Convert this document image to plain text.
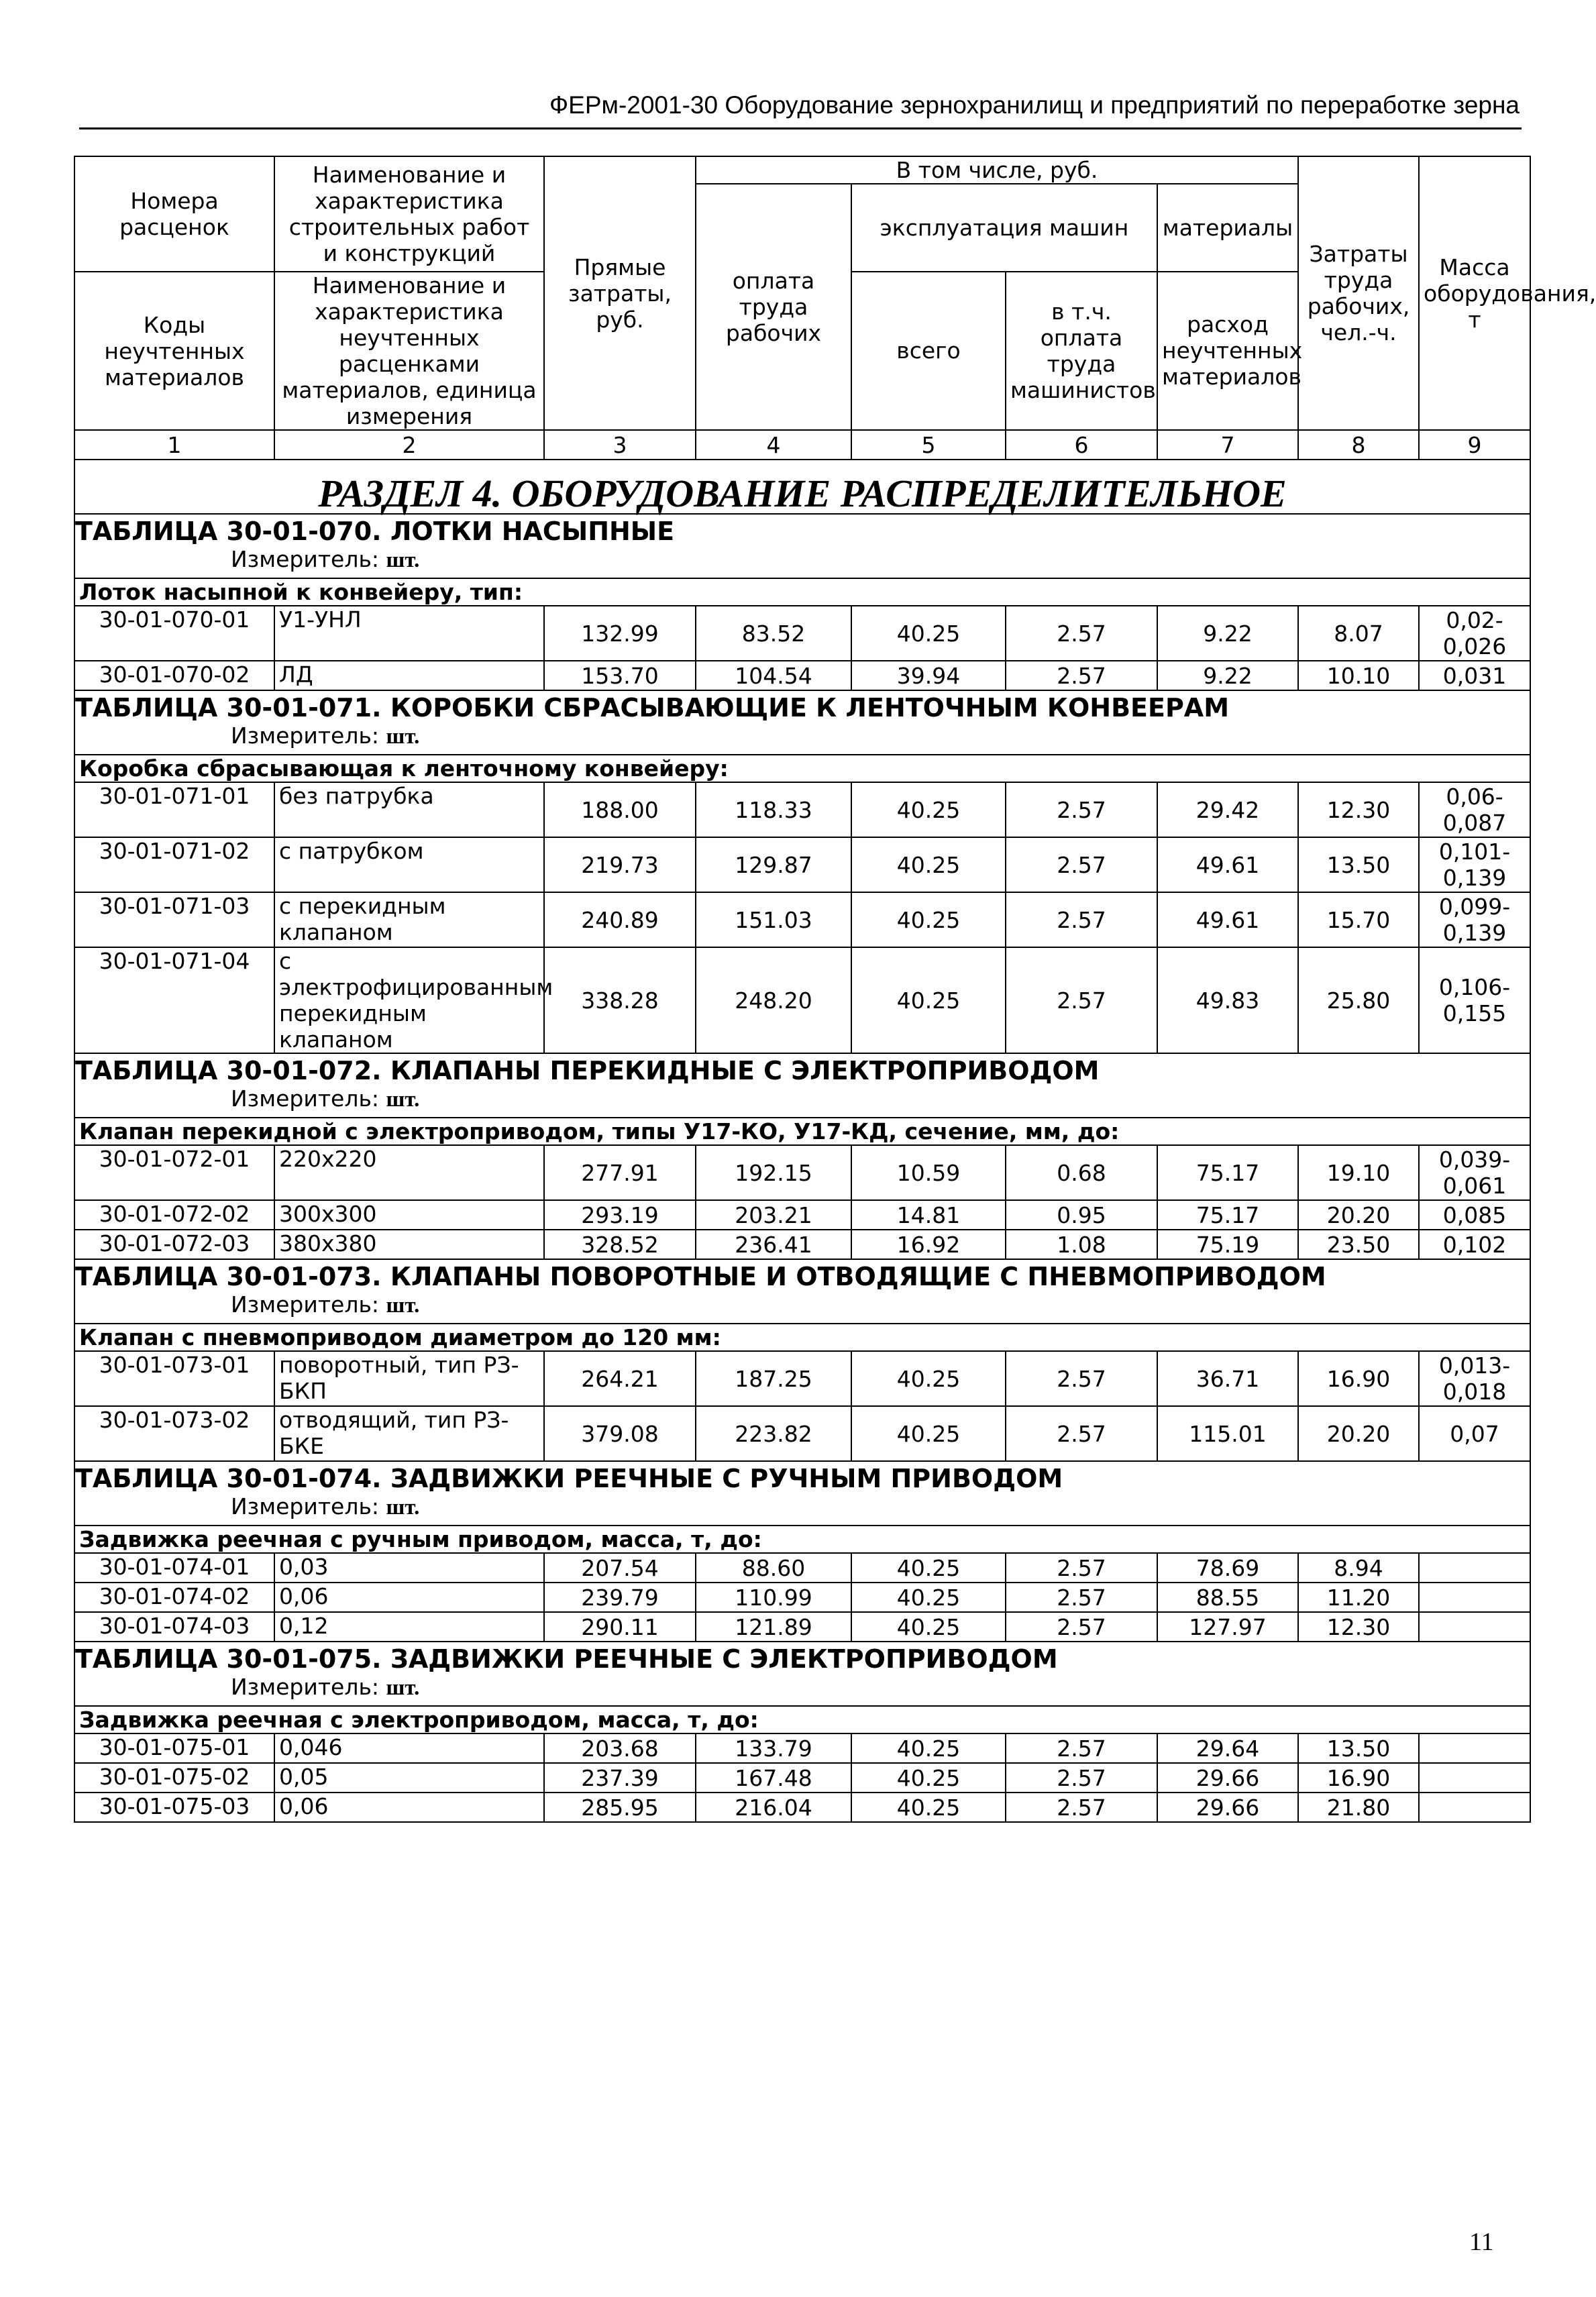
ФЕРм-2001-30 Оборудование зернохранилищ и предприятий по переработке зерна
Номера расценок	Наименование и характеристика строительных работ и конструкций	Прямые затраты, руб.	В том числе, руб.				Затраты труда рабочих, чел.-ч.	Масса оборудования, т
			оплата труда рабочих	эксплуатация машин		материалы		
				всего	в т.ч. оплата труда машинистов	расход неучтенных материалов		
Коды неучтенных материалов	Наименование и характеристика неучтенных расценками материалов, единица измерения							

1	2	3	4	5	6	7	8	9

РАЗДЕЛ 4. ОБОРУДОВАНИЕ РАСПРЕДЕЛИТЕЛЬНОЕ								

ТАБЛИЦА 30-01-070. ЛОТКИ НАСЫПНЫЕ
Измеритель: шт.								

Лоток насыпной к конвейеру, тип:								
30-01-070-01	У1-УНЛ	132.99	83.52	40.25	2.57	9.22	8.07	0,02-0,026
30-01-070-02	ЛД	153.70	104.54	39.94	2.57	9.22	10.10	0,031

ТАБЛИЦА 30-01-071. КОРОБКИ СБРАСЫВАЮЩИЕ К ЛЕНТОЧНЫМ КОНВЕЕРАМ
Измеритель: шт.								

Коробка сбрасывающая к ленточному конвейеру:								
30-01-071-01	без патрубка	188.00	118.33	40.25	2.57	29.42	12.30	0,06-0,087
30-01-071-02	с патрубком	219.73	129.87	40.25	2.57	49.61	13.50	0,101-0,139
30-01-071-03	с перекидным клапаном	240.89	151.03	40.25	2.57	49.61	15.70	0,099-0,139
30-01-071-04	с электрофицированным перекидным клапаном	338.28	248.20	40.25	2.57	49.83	25.80	0,106-0,155

ТАБЛИЦА 30-01-072. КЛАПАНЫ ПЕРЕКИДНЫЕ С ЭЛЕКТРОПРИВОДОМ
Измеритель: шт.								

Клапан перекидной с электроприводом, типы У17-КО, У17-КД, сечение, мм, до:								
30-01-072-01	220х220	277.91	192.15	10.59	0.68	75.17	19.10	0,039-0,061
30-01-072-02	300х300	293.19	203.21	14.81	0.95	75.17	20.20	0,085
30-01-072-03	380х380	328.52	236.41	16.92	1.08	75.19	23.50	0,102

ТАБЛИЦА 30-01-073. КЛАПАНЫ ПОВОРОТНЫЕ И ОТВОДЯЩИЕ С ПНЕВМОПРИВОДОМ
Измеритель: шт.								

Клапан с пневмоприводом диаметром до 120 мм:								
30-01-073-01	поворотный, тип РЗ-БКП	264.21	187.25	40.25	2.57	36.71	16.90	0,013-0,018
30-01-073-02	отводящий, тип РЗ-БКЕ	379.08	223.82	40.25	2.57	115.01	20.20	0,07

ТАБЛИЦА 30-01-074. ЗАДВИЖКИ РЕЕЧНЫЕ С РУЧНЫМ ПРИВОДОМ
Измеритель: шт.								

Задвижка реечная с ручным приводом, масса, т, до:								
30-01-074-01	0,03	207.54	88.60	40.25	2.57	78.69	8.94	
30-01-074-02	0,06	239.79	110.99	40.25	2.57	88.55	11.20	
30-01-074-03	0,12	290.11	121.89	40.25	2.57	127.97	12.30	

ТАБЛИЦА 30-01-075. ЗАДВИЖКИ РЕЕЧНЫЕ С ЭЛЕКТРОПРИВОДОМ
Измеритель: шт.								

Задвижка реечная с электроприводом, масса, т, до:								
30-01-075-01	0,046	203.68	133.79	40.25	2.57	29.64	13.50	
30-01-075-02	0,05	237.39	167.48	40.25	2.57	29.66	16.90	
30-01-075-03	0,06	285.95	216.04	40.25	2.57	29.66	21.80	
11
